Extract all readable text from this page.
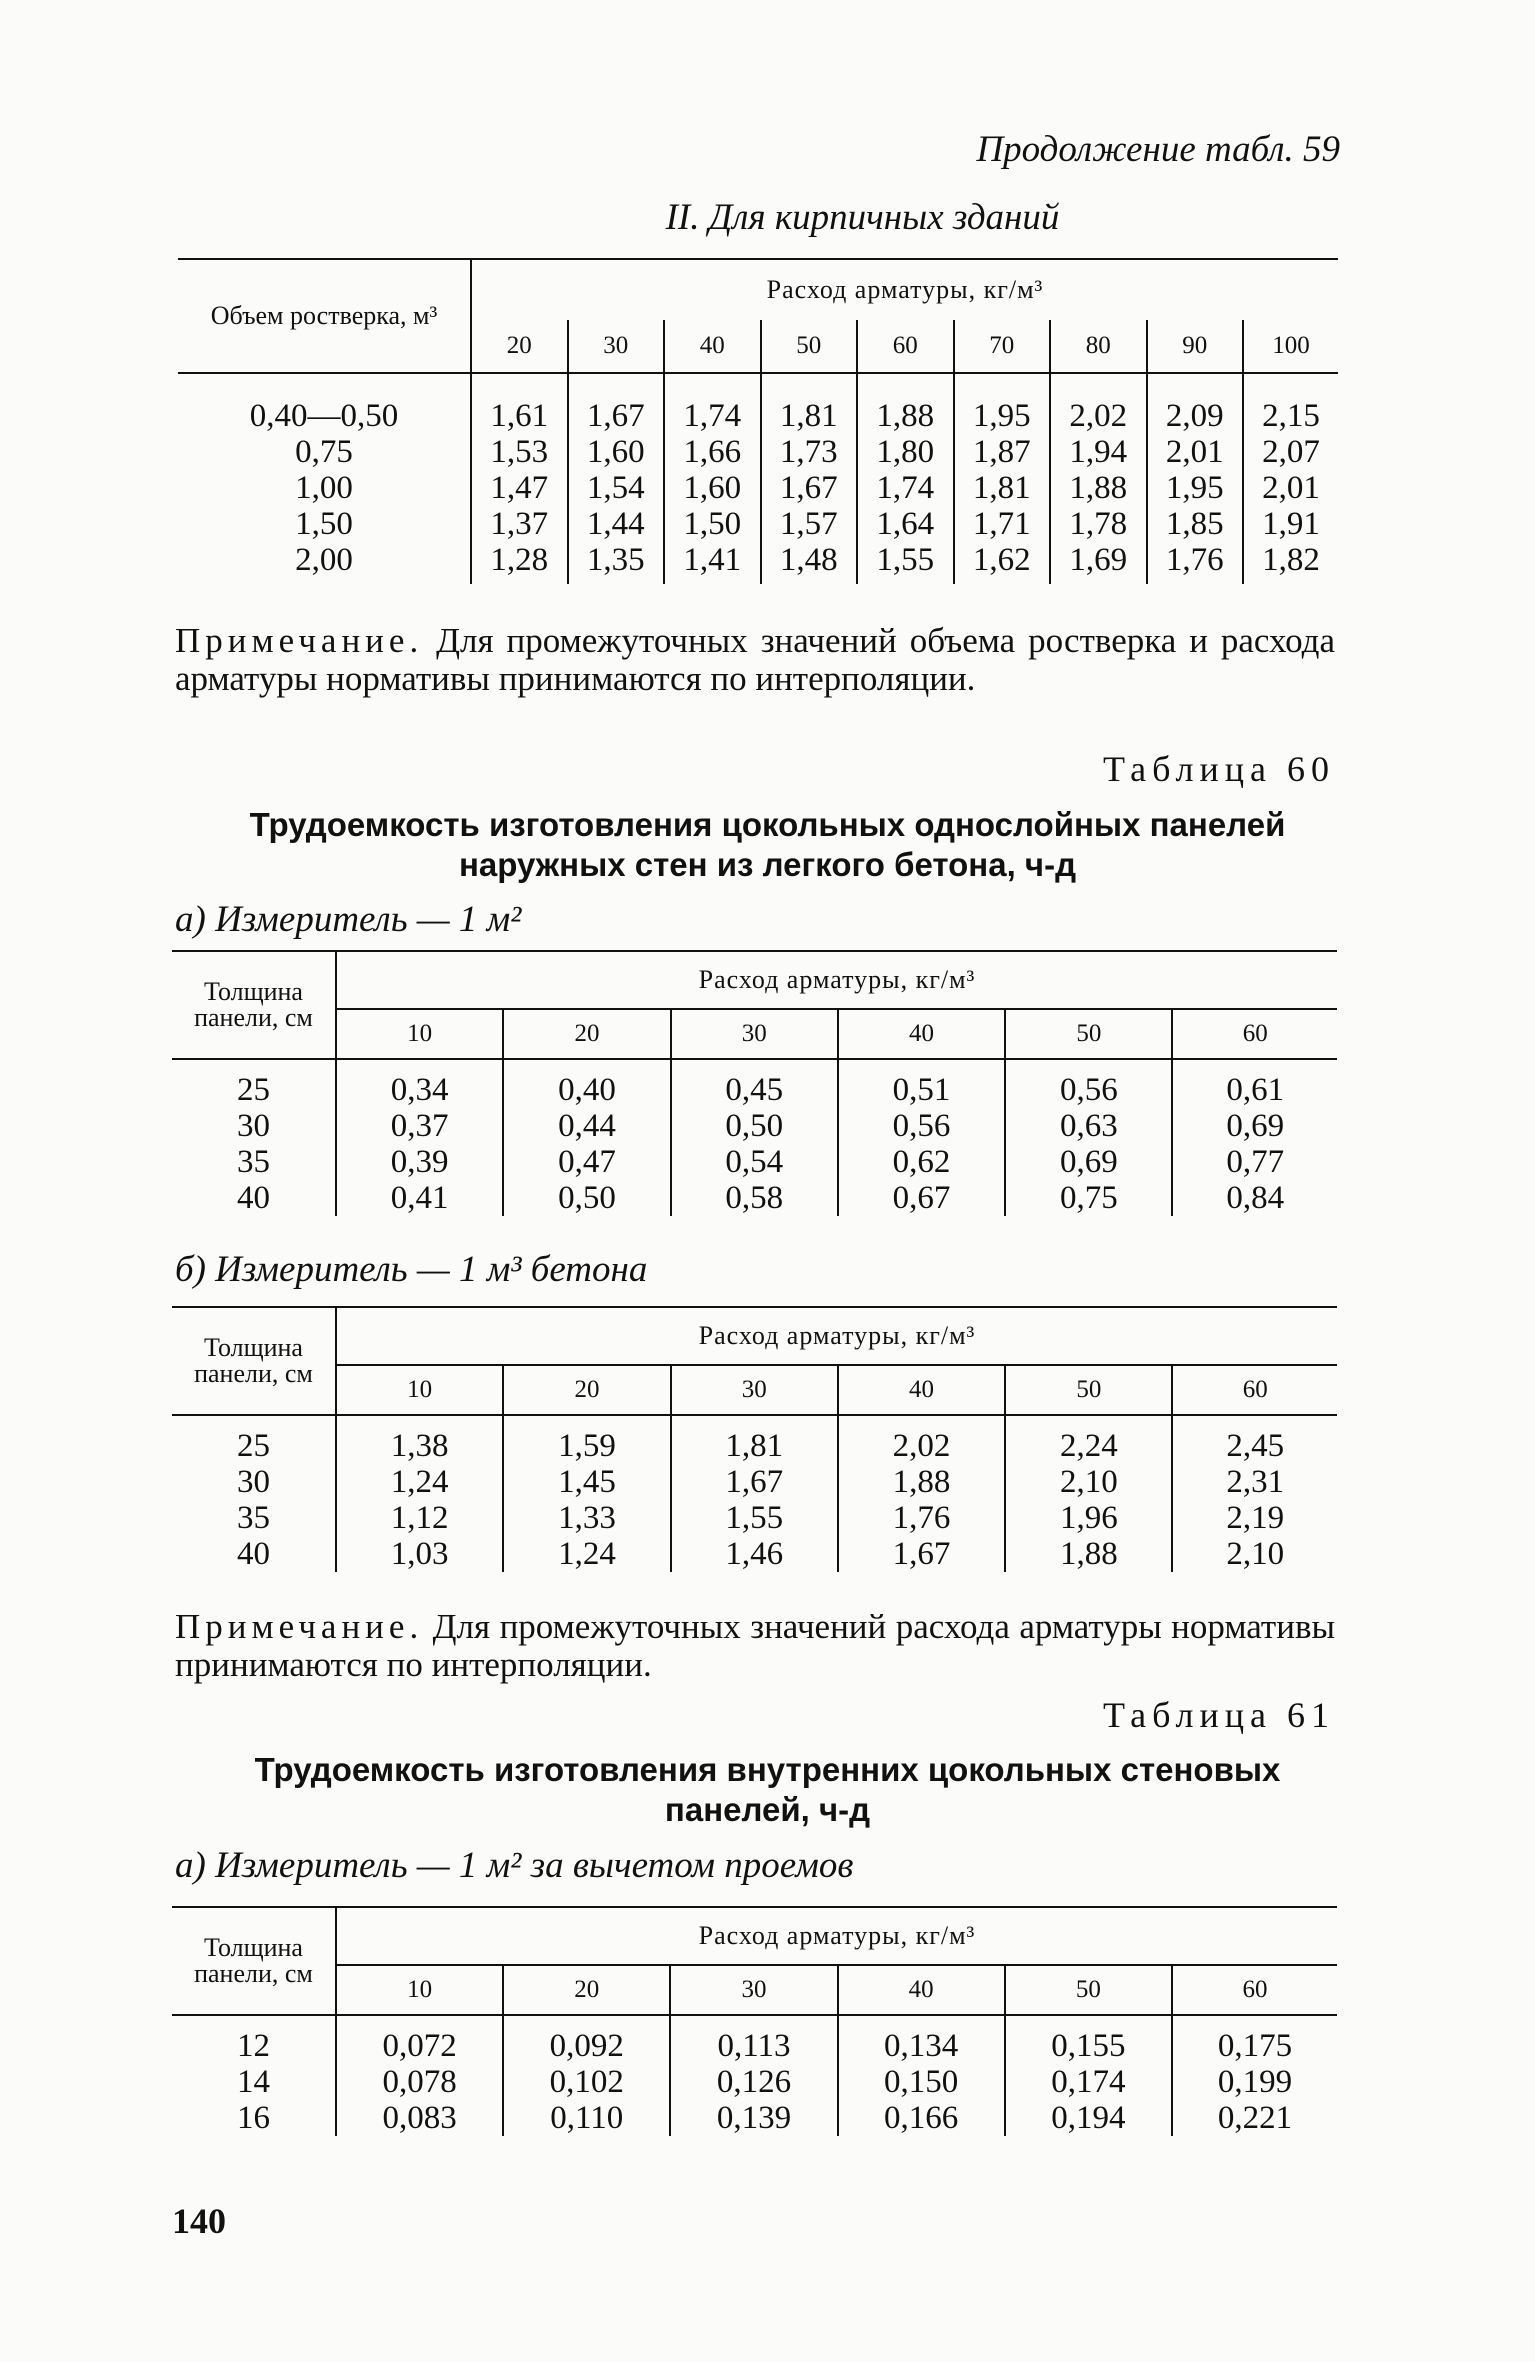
Продолжение табл. 59
II. Для кирпичных зданий
Объем ростверка, м³	Расход арматуры, кг/м³								
	20	30	40	50	60	70	80	90	100

0,40—0,50	1,61	1,67	1,74	1,81	1,88	1,95	2,02	2,09	2,15
0,75	1,53	1,60	1,66	1,73	1,80	1,87	1,94	2,01	2,07
1,00	1,47	1,54	1,60	1,67	1,74	1,81	1,88	1,95	2,01
1,50	1,37	1,44	1,50	1,57	1,64	1,71	1,78	1,85	1,91
2,00	1,28	1,35	1,41	1,48	1,55	1,62	1,69	1,76	1,82
Примечание. Для промежуточных значений объема ростверка и расхода арматуры нормативы принимаются по интерполяции.
Таблица 60
Трудоемкость изготовления цокольных однослойных панелей наружных стен из легкого бетона, ч-д
а) Измеритель — 1 м²
Толщина панели, см	Расход арматуры, кг/м³					
	10	20	30	40	50	60

25	0,34	0,40	0,45	0,51	0,56	0,61
30	0,37	0,44	0,50	0,56	0,63	0,69
35	0,39	0,47	0,54	0,62	0,69	0,77
40	0,41	0,50	0,58	0,67	0,75	0,84
б) Измеритель — 1 м³ бетона
Толщина панели, см	Расход арматуры, кг/м³					
	10	20	30	40	50	60

25	1,38	1,59	1,81	2,02	2,24	2,45
30	1,24	1,45	1,67	1,88	2,10	2,31
35	1,12	1,33	1,55	1,76	1,96	2,19
40	1,03	1,24	1,46	1,67	1,88	2,10
Примечание. Для промежуточных значений расхода арматуры нормативы принимаются по интерполяции.
Таблица 61
Трудоемкость изготовления внутренних цокольных стеновых панелей, ч-д
а) Измеритель — 1 м² за вычетом проемов
Толщина панели, см	Расход арматуры, кг/м³					
	10	20	30	40	50	60

12	0,072	0,092	0,113	0,134	0,155	0,175
14	0,078	0,102	0,126	0,150	0,174	0,199
16	0,083	0,110	0,139	0,166	0,194	0,221
140
